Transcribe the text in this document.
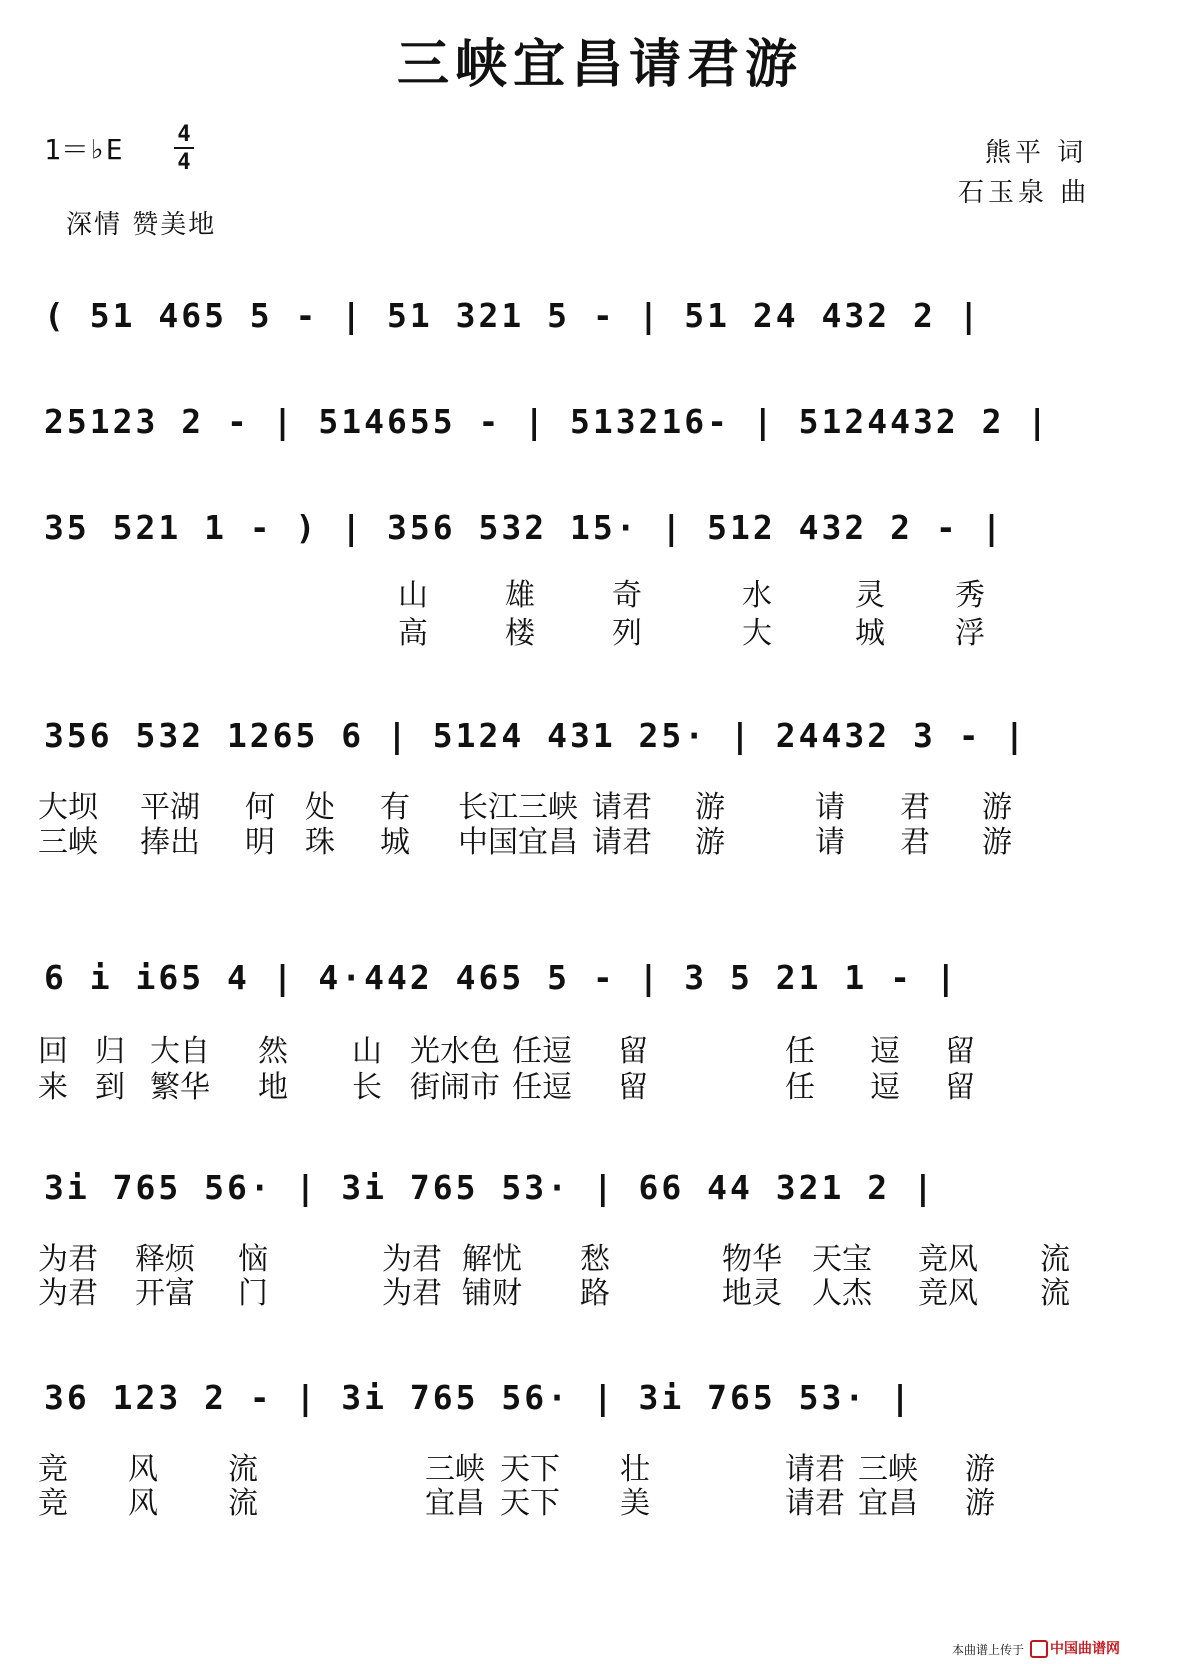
三峡宜昌请君游
1＝♭E 4
4	熊平 词
石玉泉 曲
深情 赞美地
( 51 465 5 - | 51 321 5 - | 51 24 432 2 |
25123 2 - | 514655 - | 513216- | 5124432 2 |
35 521 1 - ) | 356 532 15· | 512 432 2 - |
山	雄	奇	水	灵 秀
高	楼	列	大	城 浮
356 532 1265 6 | 5124 431 25· | 24432 3 - |
大坝 平湖 何 处 有 长江三峡 请君 游	请 君 游
三峡 捧出 明 珠 城 中国宜昌 请君 游	请 君 游
6 i i65 4 | 4·442 465 5 - | 3 5 21 1 - |
回 归 大自 然 山 光水色 任逗 留	任 逗 留
来 到 繁华 地 长 街闹市 任逗 留	任 逗 留
3i 765 56· | 3i 765 53· | 66 44 321 2 |
为君 释烦 恼	为君 解忧 愁	物华 天宝 竞风 流
为君 开富 门	为君 铺财 路	地灵 人杰 竞风 流
36 123 2 - | 3i 765 56· | 3i 765 53· |
竞 风 流	三峡 天下 壮	请君 三峡 游
竞 风 流	宜昌 天下 美	请君 宜昌 游
本曲谱上传于 中国曲谱网
